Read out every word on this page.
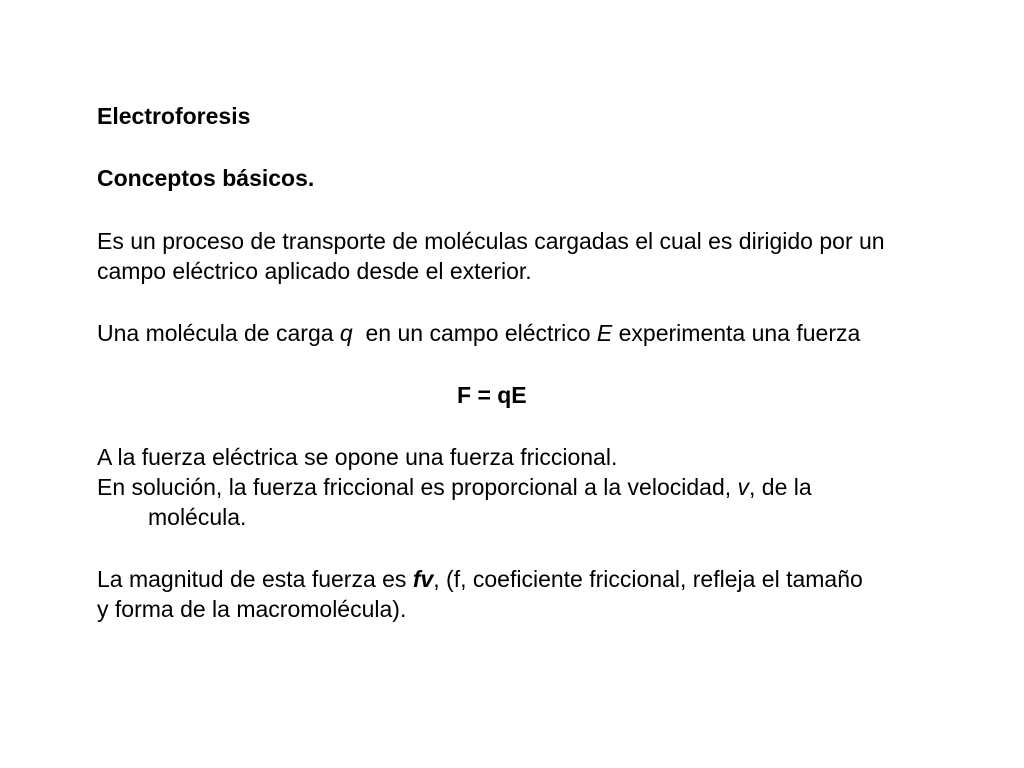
Electroforesis
Conceptos básicos.
Es un proceso de transporte de moléculas cargadas el cual es dirigido por un
campo eléctrico aplicado desde el exterior.
Una molécula de carga q  en un campo eléctrico E experimenta una fuerza
F = qE
A la fuerza eléctrica se opone una fuerza friccional.
En solución, la fuerza friccional es proporcional a la velocidad, v, de la
molécula.
La magnitud de esta fuerza es fv, (f, coeficiente friccional, refleja el tamaño
y forma de la macromolécula).
